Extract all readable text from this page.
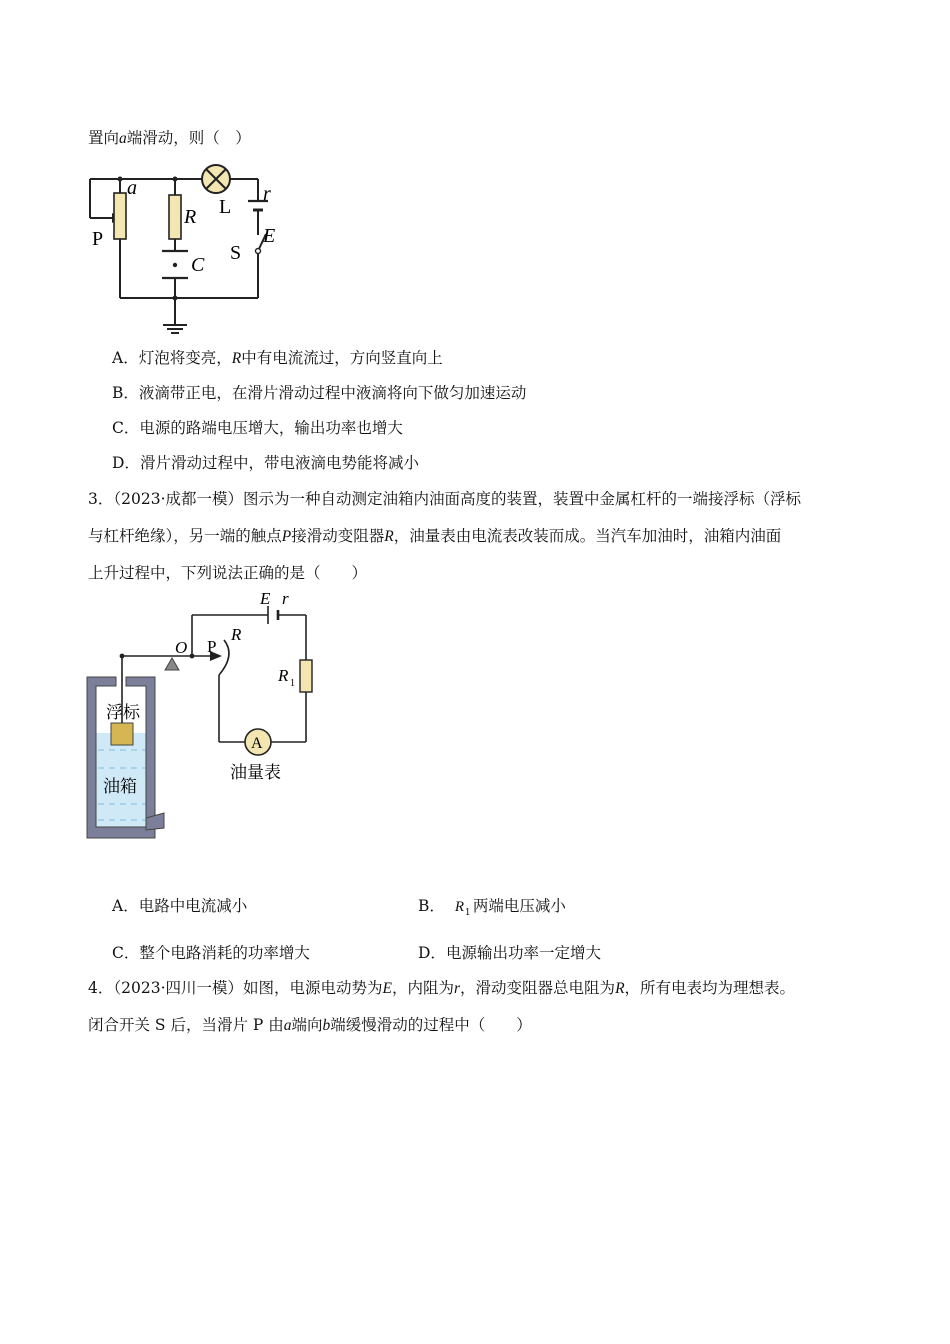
置向a端滑动，则（　）
a
R L
r
E
S
P
C
A．灯泡将变亮，R中有电流流过，方向竖直向上
B．液滴带正电，在滑片滑动过程中液滴将向下做匀加速运动
C．电源的路端电压增大，输出功率也增大
D．滑片滑动过程中，带电液滴电势能将减小
3．（2023·成都一模）图示为一种自动测定油箱内油面高度的装置，装置中金属杠杆的一端接浮标（浮标
与杠杆绝缘），另一端的触点P接滑动变阻器R，油量表由电流表改装而成。当汽车加油时，油箱内油面
上升过程中，下列说法正确的是（　　）
A
E r
O P
R
R 1
浮标
油箱
油量表
A．电路中电流减小	B． R 1 两端电压减小
C．整个电路消耗的功率增大	D．电源输出功率一定增大
4．（2023·四川一模）如图，电源电动势为E，内阻为r，滑动变阻器总电阻为R，所有电表均为理想表。
闭合开关 S 后，当滑片 P 由a端向b端缓慢滑动的过程中（　　）
